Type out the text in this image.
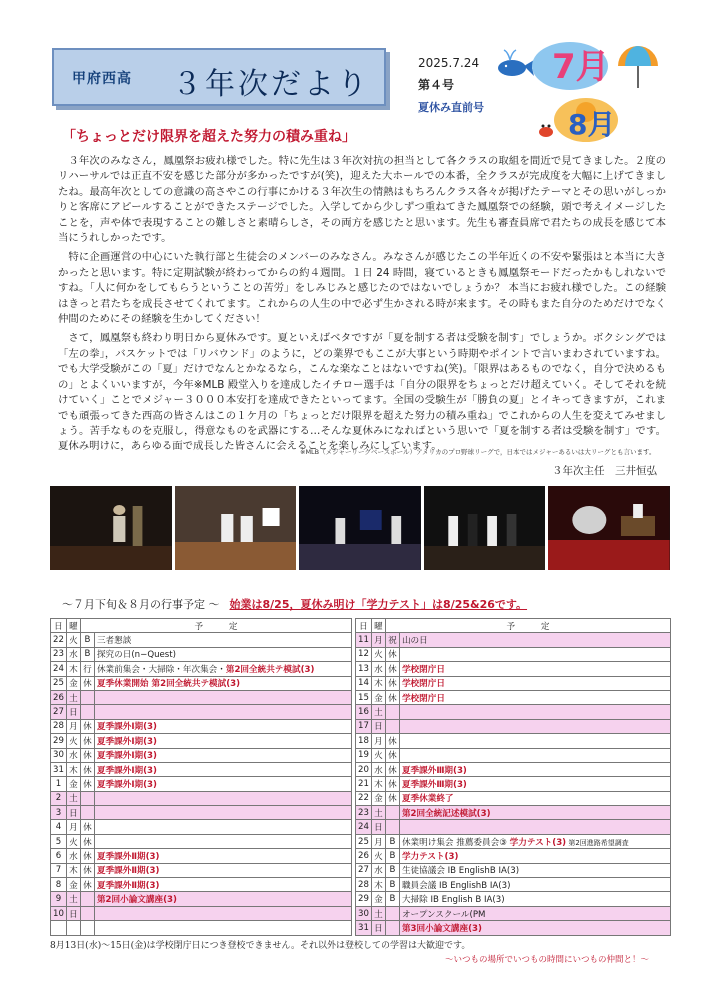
甲府西高 ３年次だより
2025.7.24
第４号
夏休み直前号
7月
8月
「ちょっとだけ限界を超えた努力の積み重ね」

３年次のみなさん，鳳凰祭お疲れ様でした。特に先生は３年次対抗の担当として各クラスの取組を間近で見てきました。２度のリハーサルでは正直不安を感じた部分が多かったですが(笑)，迎えた大ホールでの本番，全クラスが完成度を大幅に上げてきましたね。最高年次としての意識の高さやこの行事にかける３年次生の情熱はもちろんクラス各々が掲げたテーマとその思いがしっかりと客席にアピールすることができたステージでした。入学してから少しずつ重ねてきた鳳凰祭での経験，頭で考えイメージしたことを，声や体で表現することの難しさと素晴らしさ，その両方を感じたと思います。先生も審査員席で君たちの成長を感じて本当にうれしかったです。

特に企画運営の中心にいた執行部と生徒会のメンバーのみなさん。みなさんが感じたこの半年近くの不安や緊張はと本当に大きかったと思います。特に定期試験が終わってからの約４週間。１日 24 時間，寝ているときも鳳凰祭モードだったかもしれないですね。「人に何かをしてもらうということの苦労」をしみじみと感じたのではないでしょうか？ 本当にお疲れ様でした。この経験はきっと君たちを成長させてくれてます。これからの人生の中で必ず生かされる時が来ます。その時もまた自分のためだけでなく仲間のためにその経験を生かしてください！

さて，鳳凰祭も終わり明日から夏休みです。夏といえばベタですが「夏を制する者は受験を制す」でしょうか。ボクシングでは「左の拳」，バスケットでは「リバウンド」のように，どの業界でもここが大事という時期やポイントで言いまわされていますね。でも大学受験がこの「夏」だけでなんとかなるなら，こんな楽なことはないですね(笑)。「限界はあるものでなく，自分で決めるもの」とよくいいますが，今年※MLB 殿堂入りを達成したイチロー選手は「自分の限界をちょっとだけ超えていく。そしてそれを続けていく」ことでメジャー３０００本安打を達成できたといってます。全国の受験生が「勝負の夏」とイキってきますが，これまでも頑張ってきた西高の皆さんはこの１ケ月の「ちょっとだけ限界を超えた努力の積み重ね」でこれからの人生を変えてみせましょう。苦手なものを克服し，得意なものを武器にする…そんな夏休みになればという思いで「夏を制する者は受験を制す」です。夏休み明けに，あらゆる面で成長した皆さんに会えることを楽しみにしています。

※MLB（メジャーリーグベースボール）アメリカのプロ野球リーグで，日本ではメジャーあるいは大リーグとも言います。
３年次主任　三井恒弘
～７月下旬＆８月の行事予定 ～ 始業は8/25，夏休み明け「学力テスト」は8/25&26です。
日	曜	予　　　定	
22	火	B	三者懇談
23	水	B	探究の日(n−Quest)
24	木	行	休業前集会・大掃除・年次集会・第2回全統共テ模試(3)
25	金	休	夏季休業開始 第2回全統共テ模試(3)
26	土		
27	日		
28	月	休	夏季課外Ⅰ期(3)
29	火	休	夏季課外Ⅰ期(3)
30	水	休	夏季課外Ⅰ期(3)
31	木	休	夏季課外Ⅰ期(3)
1	金	休	夏季課外Ⅰ期(3)
2	土		
3	日		
4	月	休	
5	火	休	
6	水	休	夏季課外Ⅱ期(3)
7	木	休	夏季課外Ⅱ期(3)
8	金	休	夏季課外Ⅱ期(3)
9	土		第2回小論文講座(3)
10	日		

日	曜	予　　　定	
11	月	祝	山の日
12	火	休	
13	水	休	学校閉庁日
14	木	休	学校閉庁日
15	金	休	学校閉庁日
16	土		
17	日		
18	月	休	
19	火	休	
20	水	休	夏季課外Ⅲ期(3)
21	木	休	夏季課外Ⅲ期(3)
22	金	休	夏季休業終了
23	土		第2回全統記述模試(3)
24	日		
25	月	B	休業明け集会 推薦委員会③ 学力テスト(3) 第2回進路希望調査
26	火	B	学力テスト(3)
27	水	B	生徒協議会 IB EnglishB IA(3)
28	木	B	職員会議 IB EnglishB IA(3)
29	金	B	大掃除 IB English B IA(3)
30	土		オープンスクール(PM
31	日		第3回小論文講座(3)
8月13日(水)～15日(金)は学校閉庁日につき登校できません。それ以外は登校しての学習は大歓迎です。
～いつもの場所でいつもの時間にいつもの仲間と！～
